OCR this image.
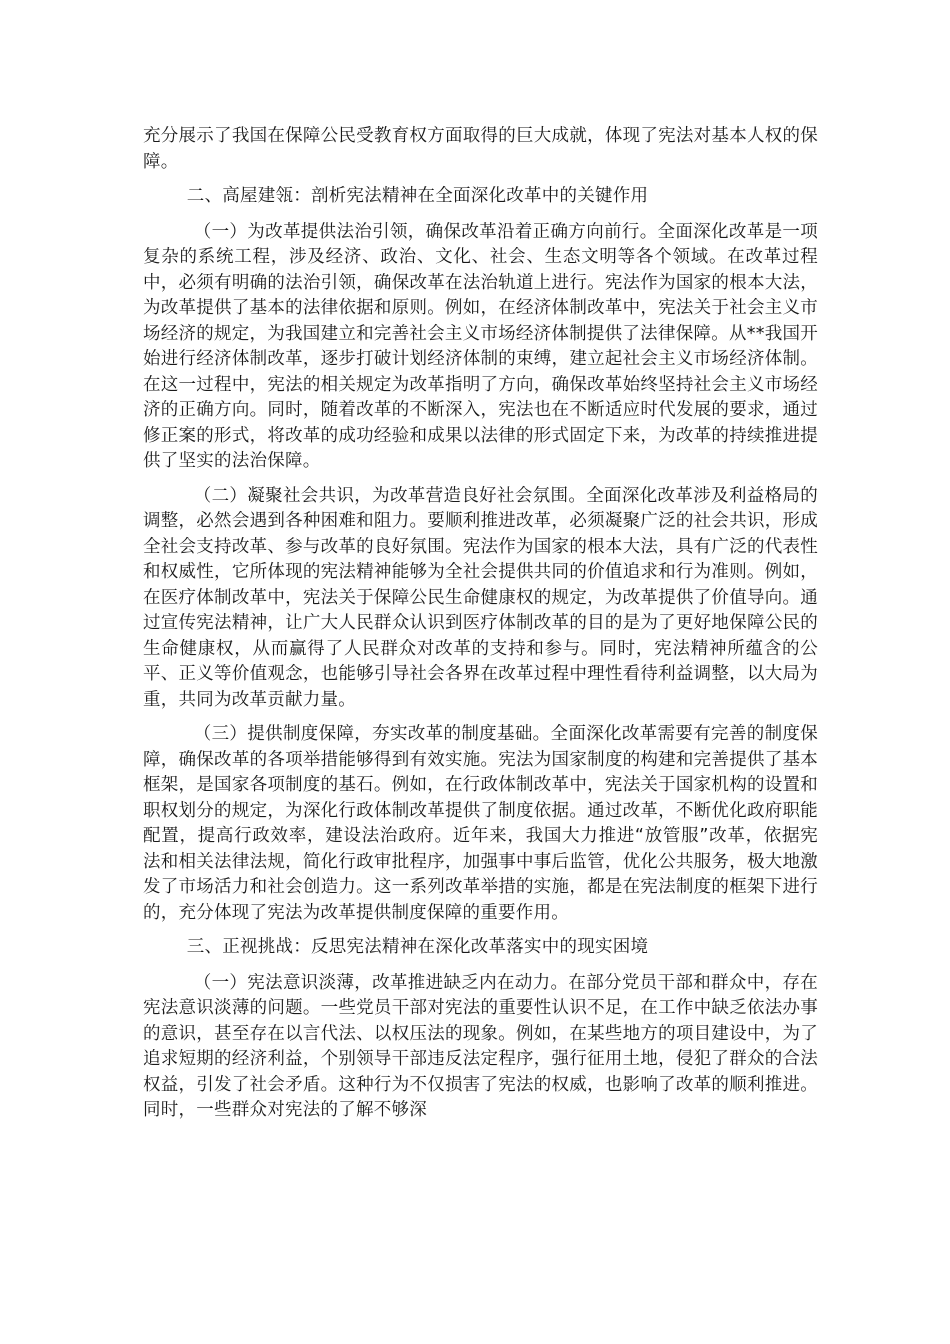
充分展示了我国在保障公民受教育权方面取得的巨大成就，体现了宪法对基本人权的保障。

二、高屋建瓴：剖析宪法精神在全面深化改革中的关键作用

（一）为改革提供法治引领，确保改革沿着正确方向前行。全面深化改革是一项复杂的系统工程，涉及经济、政治、文化、社会、生态文明等各个领域。在改革过程中，必须有明确的法治引领，确保改革在法治轨道上进行。宪法作为国家的根本大法，为改革提供了基本的法律依据和原则。例如，在经济体制改革中，宪法关于社会主义市场经济的规定，为我国建立和完善社会主义市场经济体制提供了法律保障。从**我国开始进行经济体制改革，逐步打破计划经济体制的束缚，建立起社会主义市场经济体制。在这一过程中，宪法的相关规定为改革指明了方向，确保改革始终坚持社会主义市场经济的正确方向。同时，随着改革的不断深入，宪法也在不断适应时代发展的要求，通过修正案的形式，将改革的成功经验和成果以法律的形式固定下来，为改革的持续推进提供了坚实的法治保障。

（二）凝聚社会共识，为改革营造良好社会氛围。全面深化改革涉及利益格局的调整，必然会遇到各种困难和阻力。要顺利推进改革，必须凝聚广泛的社会共识，形成全社会支持改革、参与改革的良好氛围。宪法作为国家的根本大法，具有广泛的代表性和权威性，它所体现的宪法精神能够为全社会提供共同的价值追求和行为准则。例如，在医疗体制改革中，宪法关于保障公民生命健康权的规定，为改革提供了价值导向。通过宣传宪法精神，让广大人民群众认识到医疗体制改革的目的是为了更好地保障公民的生命健康权，从而赢得了人民群众对改革的支持和参与。同时，宪法精神所蕴含的公平、正义等价值观念，也能够引导社会各界在改革过程中理性看待利益调整，以大局为重，共同为改革贡献力量。

（三）提供制度保障，夯实改革的制度基础。全面深化改革需要有完善的制度保障，确保改革的各项举措能够得到有效实施。宪法为国家制度的构建和完善提供了基本框架，是国家各项制度的基石。例如，在行政体制改革中，宪法关于国家机构的设置和职权划分的规定，为深化行政体制改革提供了制度依据。通过改革，不断优化政府职能配置，提高行政效率，建设法治政府。近年来，我国大力推进“放管服”改革，依据宪法和相关法律法规，简化行政审批程序，加强事中事后监管，优化公共服务，极大地激发了市场活力和社会创造力。这一系列改革举措的实施，都是在宪法制度的框架下进行的，充分体现了宪法为改革提供制度保障的重要作用。

三、正视挑战：反思宪法精神在深化改革落实中的现实困境

（一）宪法意识淡薄，改革推进缺乏内在动力。在部分党员干部和群众中，存在宪法意识淡薄的问题。一些党员干部对宪法的重要性认识不足，在工作中缺乏依法办事的意识，甚至存在以言代法、以权压法的现象。例如，在某些地方的项目建设中，为了追求短期的经济利益，个别领导干部违反法定程序，强行征用土地，侵犯了群众的合法权益，引发了社会矛盾。这种行为不仅损害了宪法的权威，也影响了改革的顺利推进。同时，一些群众对宪法的了解不够深
